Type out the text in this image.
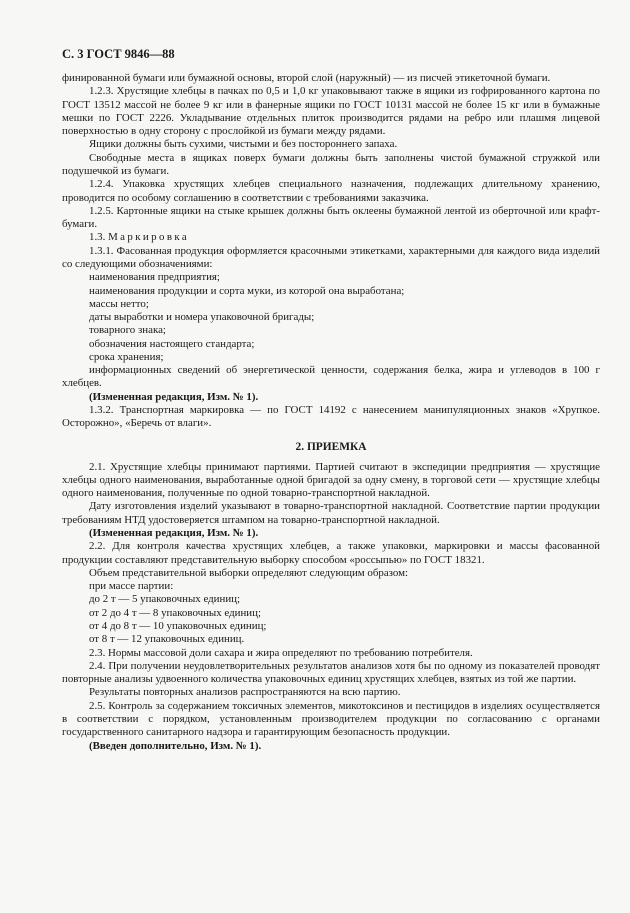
С. 3 ГОСТ 9846—88

финированной бумаги или бумажной основы, второй слой (наружный) — из писчей этикеточной бумаги.

1.2.3. Хрустящие хлебцы в пачках по 0,5 и 1,0 кг упаковывают также в ящики из гофрированного картона по ГОСТ 13512 массой не более 9 кг или в фанерные ящики по ГОСТ 10131 массой не более 15 кг или в бумажные мешки по ГОСТ 2226. Укладывание отдельных плиток производится рядами на ребро или плашмя лицевой поверхностью в одну сторону с прослойкой из бумаги между рядами.

Ящики должны быть сухими, чистыми и без постороннего запаха.

Свободные места в ящиках поверх бумаги должны быть заполнены чистой бумажной стружкой или подушечкой из бумаги.

1.2.4. Упаковка хрустящих хлебцев специального назначения, подлежащих длительному хранению, проводится по особому соглашению в соответствии с требованиями заказчика.

1.2.5. Картонные ящики на стыке крышек должны быть оклеены бумажной лентой из оберточной или крафт-бумаги.

1.3. Маркировка

1.3.1. Фасованная продукция оформляется красочными этикетками, характерными для каждого вида изделий со следующими обозначениями:

наименования предприятия;

наименования продукции и сорта муки, из которой она выработана;

массы нетто;

даты выработки и номера упаковочной бригады;

товарного знака;

обозначения настоящего стандарта;

срока хранения;

информационных сведений об энергетической ценности, содержания белка, жира и углеводов в 100 г хлебцев.

(Измененная редакция, Изм. № 1).

1.3.2. Транспортная маркировка — по ГОСТ 14192 с нанесением манипуляционных знаков «Хрупкое. Осторожно», «Беречь от влаги».

2. ПРИЕМКА

2.1. Хрустящие хлебцы принимают партиями. Партией считают в экспедиции предприятия — хрустящие хлебцы одного наименования, выработанные одной бригадой за одну смену, в торговой сети — хрустящие хлебцы одного наименования, полученные по одной товарно-транспортной накладной.

Дату изготовления изделий указывают в товарно-транспортной накладной. Соответствие партии продукции требованиям НТД удостоверяется штампом на товарно-транспортной накладной.

(Измененная редакция, Изм. № 1).

2.2. Для контроля качества хрустящих хлебцев, а также упаковки, маркировки и массы фасованной продукции составляют представительную выборку способом «россыпью» по ГОСТ 18321.

Объем представительной выборки определяют следующим образом:

при массе партии:

до 2 т — 5 упаковочных единиц;

от 2 до 4 т — 8 упаковочных единиц;

от 4 до 8 т — 10 упаковочных единиц;

от 8 т — 12 упаковочных единиц.

2.3. Нормы массовой доли сахара и жира определяют по требованию потребителя.

2.4. При получении неудовлетворительных результатов анализов хотя бы по одному из показателей проводят повторные анализы удвоенного количества упаковочных единиц хрустящих хлебцев, взятых из той же партии.

Результаты повторных анализов распространяются на всю партию.

2.5. Контроль за содержанием токсичных элементов, микотоксинов и пестицидов в изделиях осуществляется в соответствии с порядком, установленным производителем продукции по согласованию с органами государственного санитарного надзора и гарантирующим безопасность продукции.

(Введен дополнительно, Изм. № 1).
